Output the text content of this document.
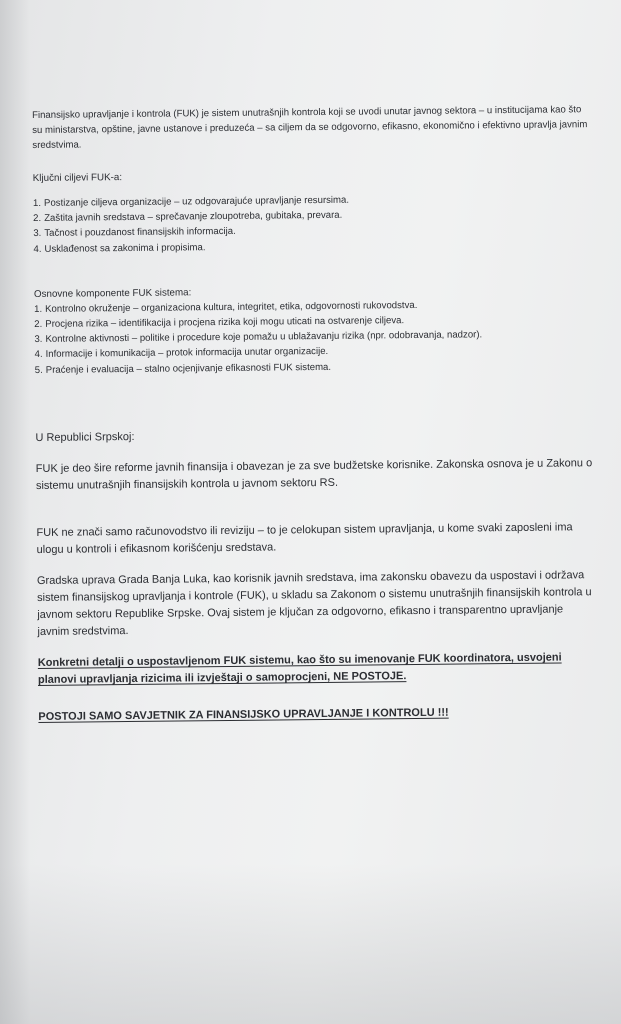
Finansijsko upravljanje i kontrola (FUK) je sistem unutrašnjih kontrola koji se uvodi unutar javnog sektora – u institucijama kao što su ministarstva, opštine, javne ustanove i preduzeća – sa ciljem da se odgovorno, efikasno, ekonomično i efektivno upravlja javnim sredstvima.

Ključni ciljevi FUK-a:

1. Postizanje ciljeva organizacije – uz odgovarajuće upravljanje resursima.
2. Zaštita javnih sredstava – sprečavanje zloupotreba, gubitaka, prevara.
3. Tačnost i pouzdanost finansijskih informacija.
4. Usklađenost sa zakonima i propisima.

Osnovne komponente FUK sistema:

1. Kontrolno okruženje – organizaciona kultura, integritet, etika, odgovornosti rukovodstva.
2. Procjena rizika – identifikacija i procjena rizika koji mogu uticati na ostvarenje ciljeva.
3. Kontrolne aktivnosti – politike i procedure koje pomažu u ublažavanju rizika (npr. odobravanja, nadzor).
4. Informacije i komunikacija – protok informacija unutar organizacije.
5. Praćenje i evaluacija – stalno ocjenjivanje efikasnosti FUK sistema.

U Republici Srpskoj:

FUK je deo šire reforme javnih finansija i obavezan je za sve budžetske korisnike. Zakonska osnova je u Zakonu o sistemu unutrašnjih finansijskih kontrola u javnom sektoru RS.

FUK ne znači samo računovodstvo ili reviziju – to je celokupan sistem upravljanja, u kome svaki zaposleni ima ulogu u kontroli i efikasnom korišćenju sredstava.

Gradska uprava Grada Banja Luka, kao korisnik javnih sredstava, ima zakonsku obavezu da uspostavi i održava sistem finansijskog upravljanja i kontrole (FUK), u skladu sa Zakonom o sistemu unutrašnjih finansijskih kontrola u javnom sektoru Republike Srpske. Ovaj sistem je ključan za odgovorno, efikasno i transparentno upravljanje javnim sredstvima.

Konkretni detalji o uspostavljenom FUK sistemu, kao što su imenovanje FUK koordinatora, usvojeni planovi upravljanja rizicima ili izvještaji o samoprocjeni, NE POSTOJE.

POSTOJI SAMO SAVJETNIK ZA FINANSIJSKO UPRAVLJANJE I KONTROLU !!!
